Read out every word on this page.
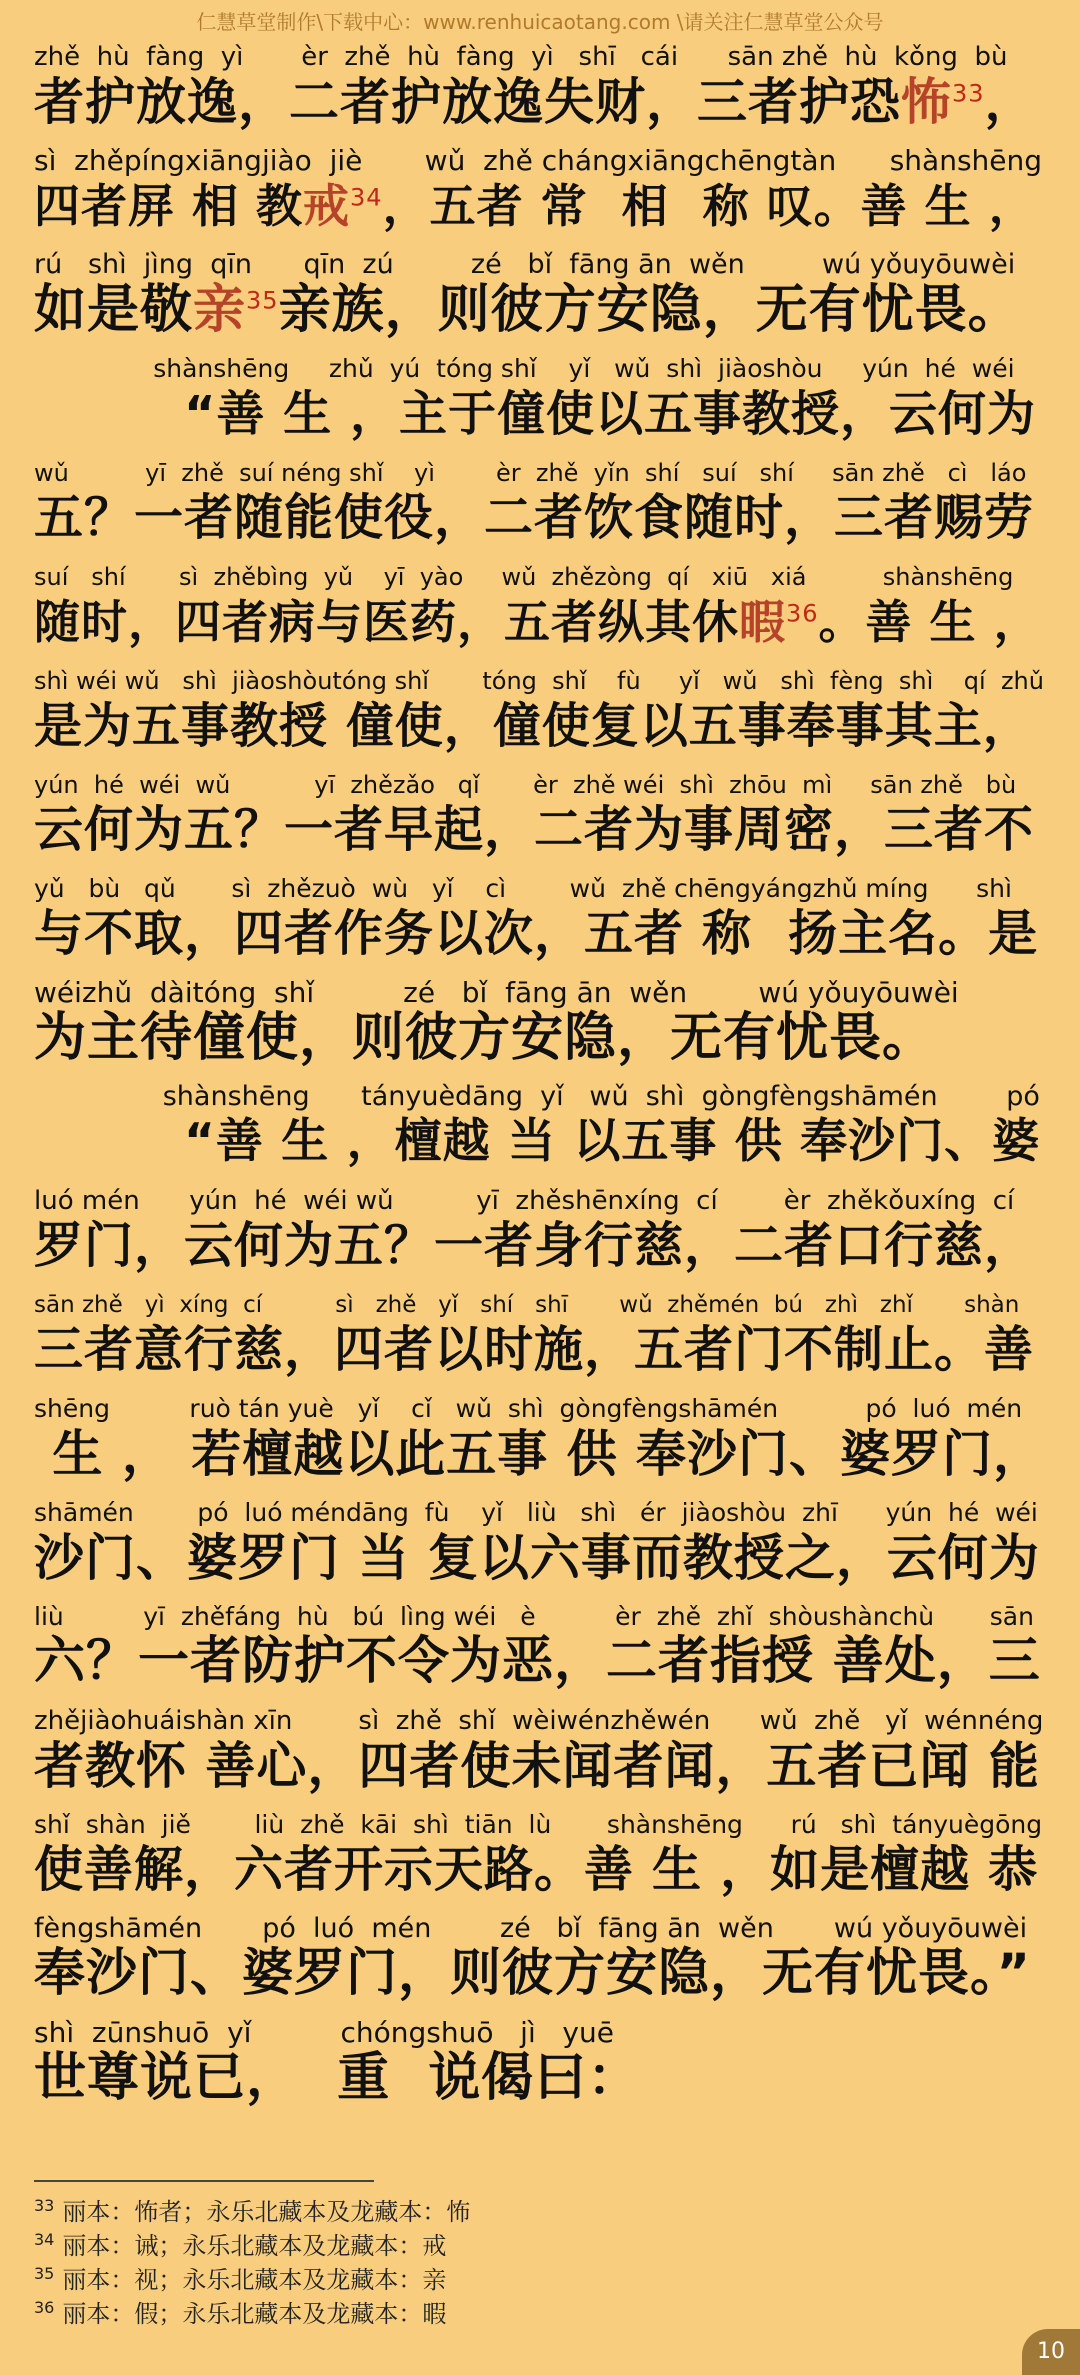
仁慧草堂制作\下载中心：www.renhuicaotang.com \请关注仁慧草堂公众号
zhě  hù  fàng  yì       èr  zhě  hù  fàng  yì   shī   cái      sān zhě  hù  kǒng  bù
者护放逸，二者护放逸失财，三者护恐怖$^{33}$，
sì  zhěpíngxiāngjiào  jiè       wǔ  zhě chángxiāngchēngtàn      shànshēng
四者屏 相 教戒$^{34}$，五者 常  相  称 叹。善 生 ，
rú   shì  jìng  qīn      qīn  zú         zé   bǐ  fāng ān  wěn         wú yǒuyōuwèi
如是敬亲$^{35}$亲族，则彼方安隐，无有忧畏。
shànshēng     zhǔ  yú  tóng shǐ    yǐ   wǔ  shì  jiàoshòu     yún  hé  wéi
“善 生 ，主于僮使以五事教授，云何为
wǔ          yī  zhě  suí néng shǐ    yì        èr  zhě  yǐn  shí   suí   shí     sān zhě   cì   láo
五？一者随能使役，二者饮食随时，三者赐劳
suí   shí       sì  zhěbìng  yǔ    yī  yào     wǔ  zhězòng  qí   xiū   xiá          shànshēng
随时，四者病与医药，五者纵其休暇$^{36}$。善 生 ，
shì wéi wǔ   shì  jiàoshòutóng shǐ       tóng  shǐ    fù     yǐ   wǔ   shì  fèng  shì    qí  zhǔ
是为五事教授 僮使，僮使复以五事奉事其主，
yún  hé  wéi  wǔ           yī  zhězǎo   qǐ       èr  zhě wéi  shì  zhōu  mì     sān zhě   bù
云何为五？一者早起，二者为事周密，三者不
yǔ   bù   qǔ       sì  zhězuò  wù   yǐ    cì        wǔ  zhě chēngyángzhǔ míng      shì
与不取，四者作务以次，五者 称  扬主名。是
wéizhǔ  dàitóng  shǐ          zé   bǐ  fāng ān  wěn        wú yǒuyōuwèi
为主待僮使，则彼方安隐，无有忧畏。
shànshēng      tányuèdāng  yǐ   wǔ  shì  gòngfèngshāmén        pó
“善 生 ，檀越 当 以五事 供 奉沙门、婆
luó mén      yún  hé  wéi wǔ          yī  zhěshēnxíng  cí        èr  zhěkǒuxíng  cí
罗门，云何为五？一者身行慈，二者口行慈，
sān zhě   yì  xíng  cí          sì   zhě   yǐ   shí   shī       wǔ  zhěmén  bú   zhì   zhǐ       shàn
三者意行慈，四者以时施，五者门不制止。善
shēng          ruò tán yuè   yǐ    cǐ   wǔ  shì  gòngfèngshāmén           pó  luó  mén
生 ， 若檀越以此五事 供 奉沙门、婆罗门，
shāmén        pó  luó méndāng  fù    yǐ   liù   shì   ér  jiàoshòu  zhī      yún  hé  wéi
沙门、婆罗门 当 复以六事而教授之，云何为
liù          yī  zhěfáng  hù   bú  lìng wéi   è          èr  zhě  zhǐ  shòushànchù       sān
六？一者防护不令为恶，二者指授 善处，三
zhějiàohuáishàn xīn        sì  zhě  shǐ  wèiwénzhěwén      wǔ  zhě   yǐ  wénnéng
者教怀 善心，四者使未闻者闻，五者已闻 能
shǐ  shàn  jiě        liù  zhě  kāi  shì  tiān  lù       shànshēng      rú   shì  tányuègōng
使善解，六者开示天路。善 生 ，如是檀越 恭
fèngshāmén       pó  luó  mén        zé   bǐ  fāng ān  wěn       wú yǒuyōuwèi
奉沙门、婆罗门，则彼方安隐，无有忧畏。”
shì  zūnshuō  yǐ          chóngshuō   jì   yuē
世尊说已，  重  说偈曰：
$^{33}$ 丽本：怖者；永乐北藏本及龙藏本：怖
$^{34}$ 丽本：诫；永乐北藏本及龙藏本：戒
$^{35}$ 丽本：视；永乐北藏本及龙藏本：亲
$^{36}$ 丽本：假；永乐北藏本及龙藏本：暇
10
